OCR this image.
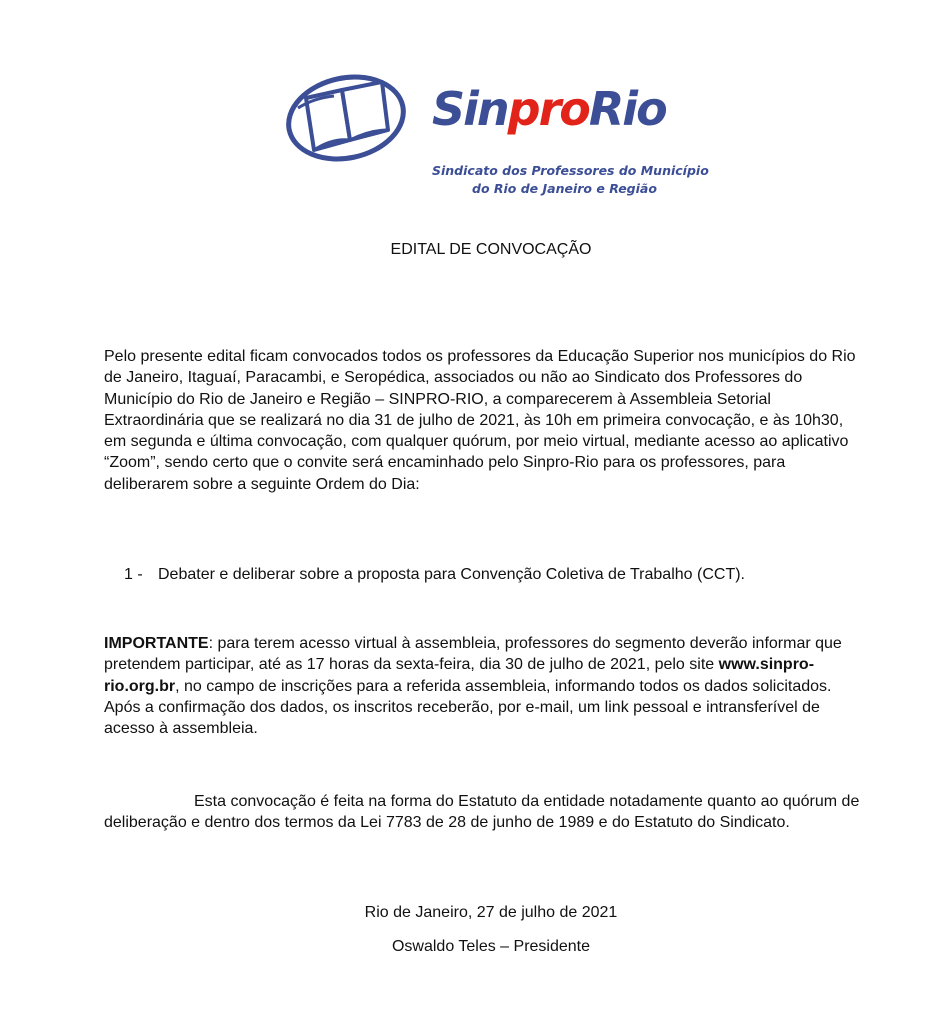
SinproRio
Sindicato dos Professores do Município
do Rio de Janeiro e Região
EDITAL DE CONVOCAÇÃO
Pelo presente edital ficam convocados todos os professores da Educação Superior nos municípios do Rio de Janeiro, Itaguaí, Paracambi, e Seropédica, associados ou não ao Sindicato dos Professores do Município do Rio de Janeiro e Região – SINPRO-RIO, a comparecerem à Assembleia Setorial Extraordinária que se realizará no dia 31 de julho de 2021, às 10h em primeira convocação, e às 10h30, em segunda e última convocação, com qualquer quórum, por meio virtual, mediante acesso ao aplicativo “Zoom”, sendo certo que o convite será encaminhado pelo Sinpro-Rio para os professores, para deliberarem sobre a seguinte Ordem do Dia:
1 - Debater e deliberar sobre a proposta para Convenção Coletiva de Trabalho (CCT).
IMPORTANTE: para terem acesso virtual à assembleia, professores do segmento deverão informar que pretendem participar, até as 17 horas da sexta-feira, dia 30 de julho de 2021, pelo site www.sinpro-rio.org.br, no campo de inscrições para a referida assembleia, informando todos os dados solicitados. Após a confirmação dos dados, os inscritos receberão, por e-mail, um link pessoal e intransferível de acesso à assembleia.
Esta convocação é feita na forma do Estatuto da entidade notadamente quanto ao quórum de deliberação e dentro dos termos da Lei 7783 de 28 de junho de 1989 e do Estatuto do Sindicato.
Rio de Janeiro, 27 de julho de 2021
Oswaldo Teles – Presidente
